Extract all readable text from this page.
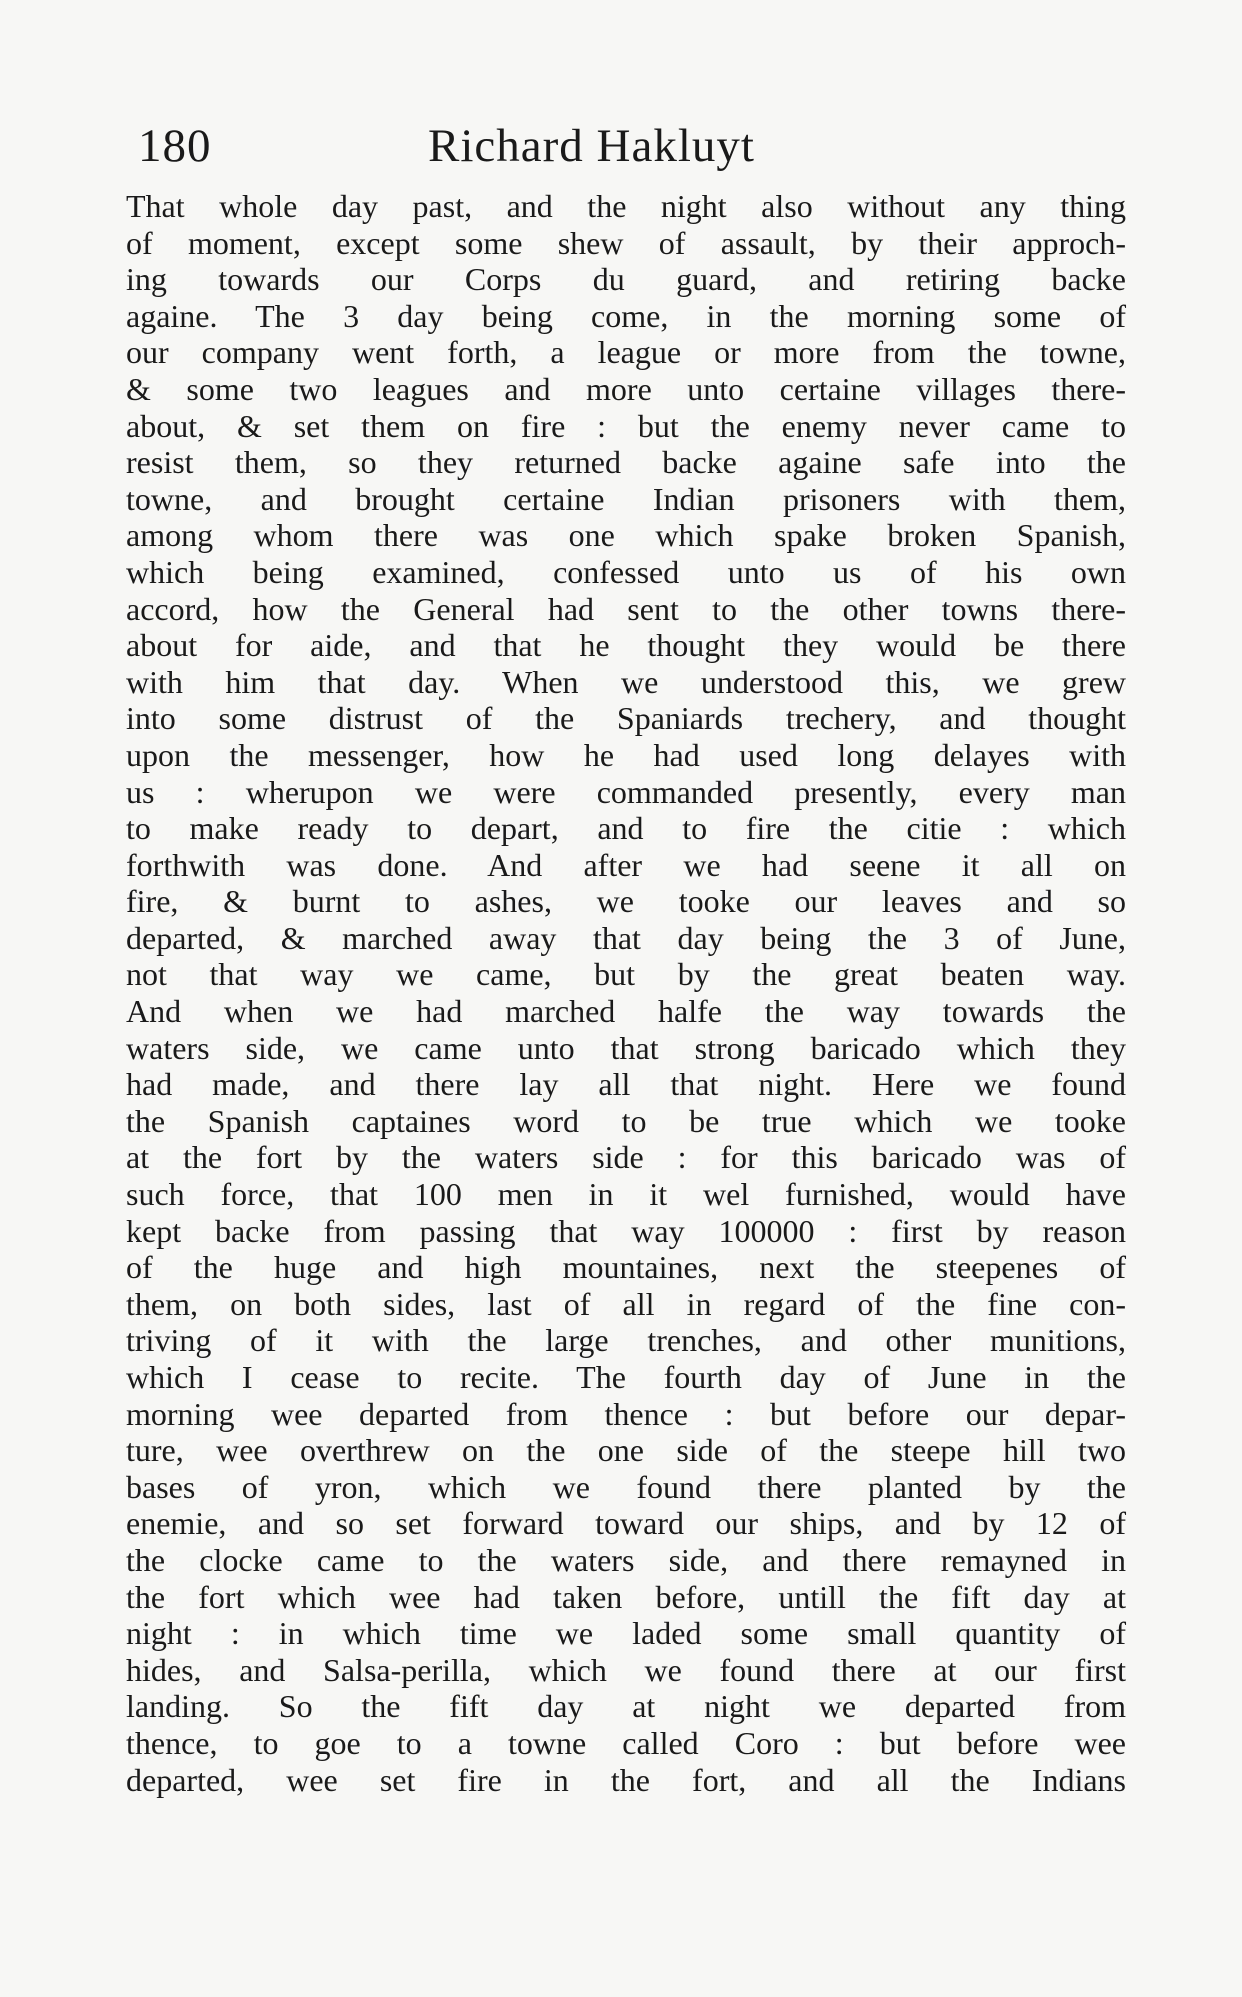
180	Richard Hakluyt
That whole day past, and the night also without any thing
of moment, except some shew of assault, by their approch-
ing towards our Corps du guard, and retiring backe
againe. The 3 day being come, in the morning some of
our company went forth, a league or more from the towne,
& some two leagues and more unto certaine villages there-
about, & set them on fire : but the enemy never came to
resist them, so they returned backe againe safe into the
towne, and brought certaine Indian prisoners with them,
among whom there was one which spake broken Spanish,
which being examined, confessed unto us of his own
accord, how the General had sent to the other towns there-
about for aide, and that he thought they would be there
with him that day. When we understood this, we grew
into some distrust of the Spaniards trechery, and thought
upon the messenger, how he had used long delayes with
us : wherupon we were commanded presently, every man
to make ready to depart, and to fire the citie : which
forthwith was done. And after we had seene it all on
fire, & burnt to ashes, we tooke our leaves and so
departed, & marched away that day being the 3 of June,
not that way we came, but by the great beaten way.
And when we had marched halfe the way towards the
waters side, we came unto that strong baricado which they
had made, and there lay all that night. Here we found
the Spanish captaines word to be true which we tooke
at the fort by the waters side : for this baricado was of
such force, that 100 men in it wel furnished, would have
kept backe from passing that way 100000 : first by reason
of the huge and high mountaines, next the steepenes of
them, on both sides, last of all in regard of the fine con-
triving of it with the large trenches, and other munitions,
which I cease to recite. The fourth day of June in the
morning wee departed from thence : but before our depar-
ture, wee overthrew on the one side of the steepe hill two
bases of yron, which we found there planted by the
enemie, and so set forward toward our ships, and by 12 of
the clocke came to the waters side, and there remayned in
the fort which wee had taken before, untill the fift day at
night : in which time we laded some small quantity of
hides, and Salsa-perilla, which we found there at our first
landing. So the fift day at night we departed from
thence, to goe to a towne called Coro : but before wee
departed, wee set fire in the fort, and all the Indians
